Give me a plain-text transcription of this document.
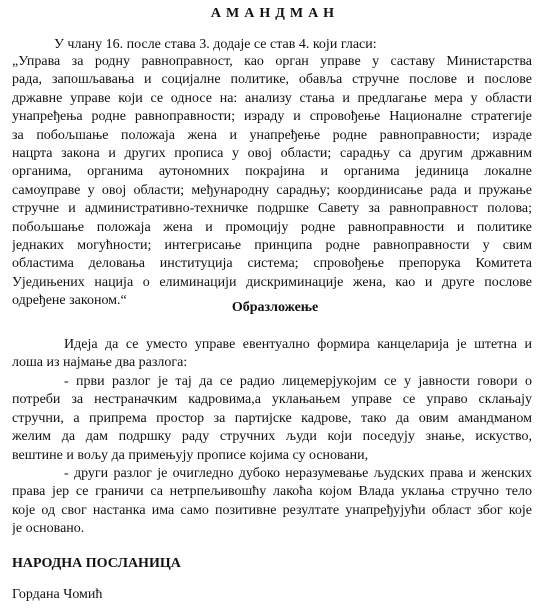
АМАНДМАН
У члану 16. после става 3. додаје се став 4. који гласи:
„Управа за родну равноправност, као орган управе у саставу Министарства
рада, запошљавања и социјалне политике, обавља стручне послове и послове
државне управе који се односе на: анализу стања и предлагање мера у области
унапређења родне равноправности; израду и спровођење Националне стратегије
за побољшање положаја жена и унапређење родне равноправности; израде
нацрта закона и других прописа у овој области; сарадњу са другим државним
органима, органима аутономних покрајина и органима јединица локалне
самоуправе у овој области; међународну сарадњу; координисање рада и пружање
стручне и административно-техничке подршке Савету за равноправност полова;
побољшање положаја жена и промоцију родне равноправности и политике
једнаких могућности; интегрисање принципа родне равноправности у свим
областима деловања институција система; спровођење препорука Комитета
Уједињених нација о елиминацији дискриминације жена, као и друге послове
одређене законом.“	Образложење
Идеја да се уместо управе евентуално формира канцеларија је штетна и
лоша из најмање два разлога:
- први разлог је тај да се радио лицемерјукојим се у јавности говори о
потреби за нестраначким кадровима,а уклањањем управе се управо склањају
стручни, а припрема простор за партијске кадрове, тако да овим амандманом
желим да дам подршку раду стручних људи који поседују знање, искуство,
вештине и вољу да примењују прописе којима су основани,
- други разлог је очигледно дубоко неразумевање људских права и женских
права јер се граничи са нетрпељивошћу лакоћа којом Влада уклања стручно тело
које од свог настанка има само позитивне резултате унапређујући област због које
је основано.
НАРОДНА ПОСЛАНИЦА
Гордана Чомић
